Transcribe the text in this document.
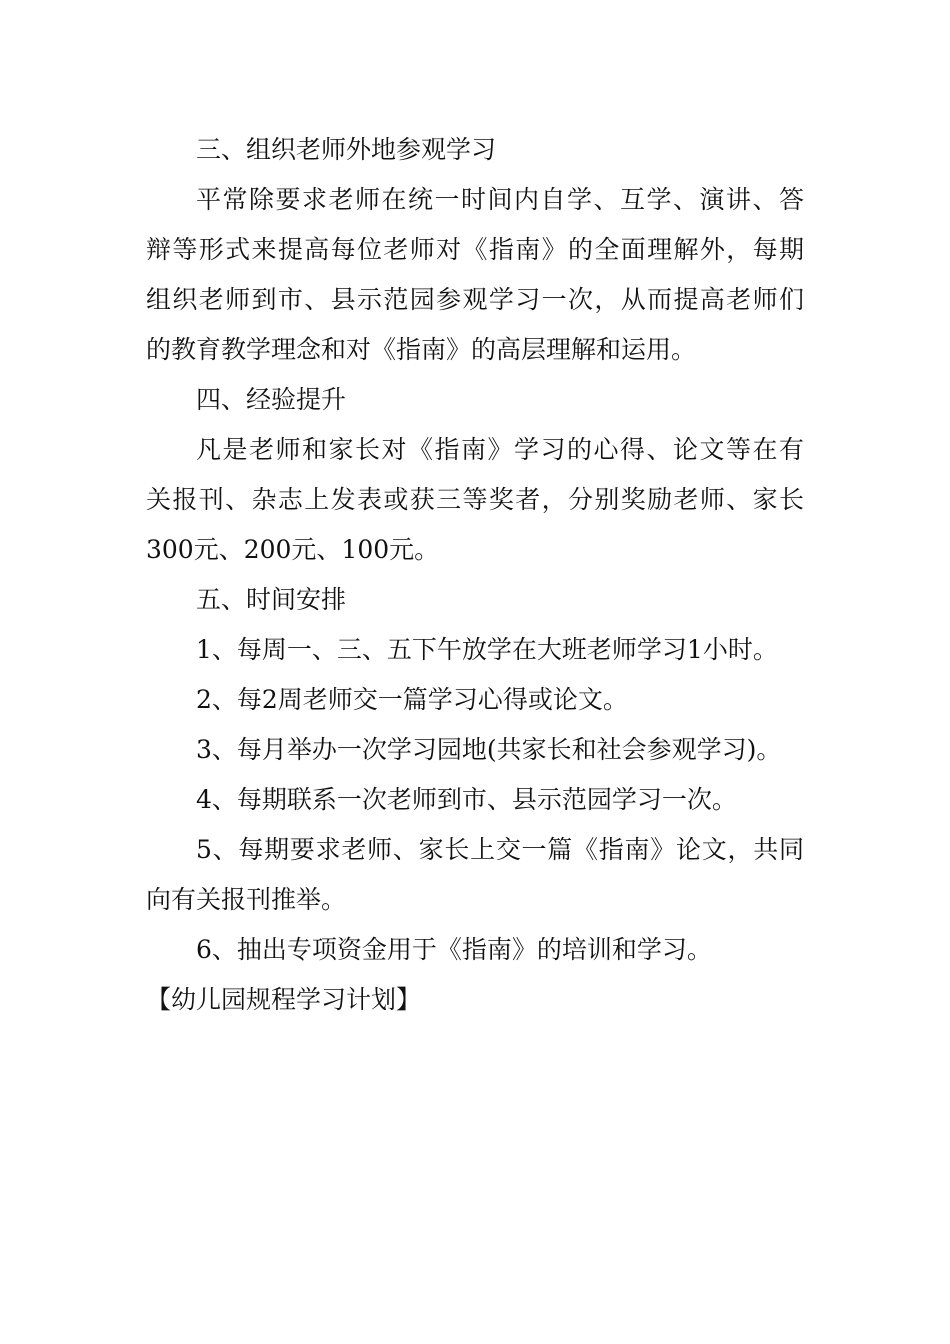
三、组织老师外地参观学习
平常除要求老师在统一时间内自学、互学、演讲、答
辩等形式来提高每位老师对《指南》的全面理解外，每期
组织老师到市、县示范园参观学习一次，从而提高老师们
的教育教学理念和对《指南》的高层理解和运用。
四、经验提升
凡是老师和家长对《指南》学习的心得、论文等在有
关报刊、杂志上发表或获三等奖者，分别奖励老师、家长
300元、200元、100元。
五、时间安排
1、每周一、三、五下午放学在大班老师学习1小时。
2、每2周老师交一篇学习心得或论文。
3、每月举办一次学习园地(共家长和社会参观学习)。
4、每期联系一次老师到市、县示范园学习一次。
5、每期要求老师、家长上交一篇《指南》论文，共同
向有关报刊推举。
6、抽出专项资金用于《指南》的培训和学习。
【幼儿园规程学习计划】
